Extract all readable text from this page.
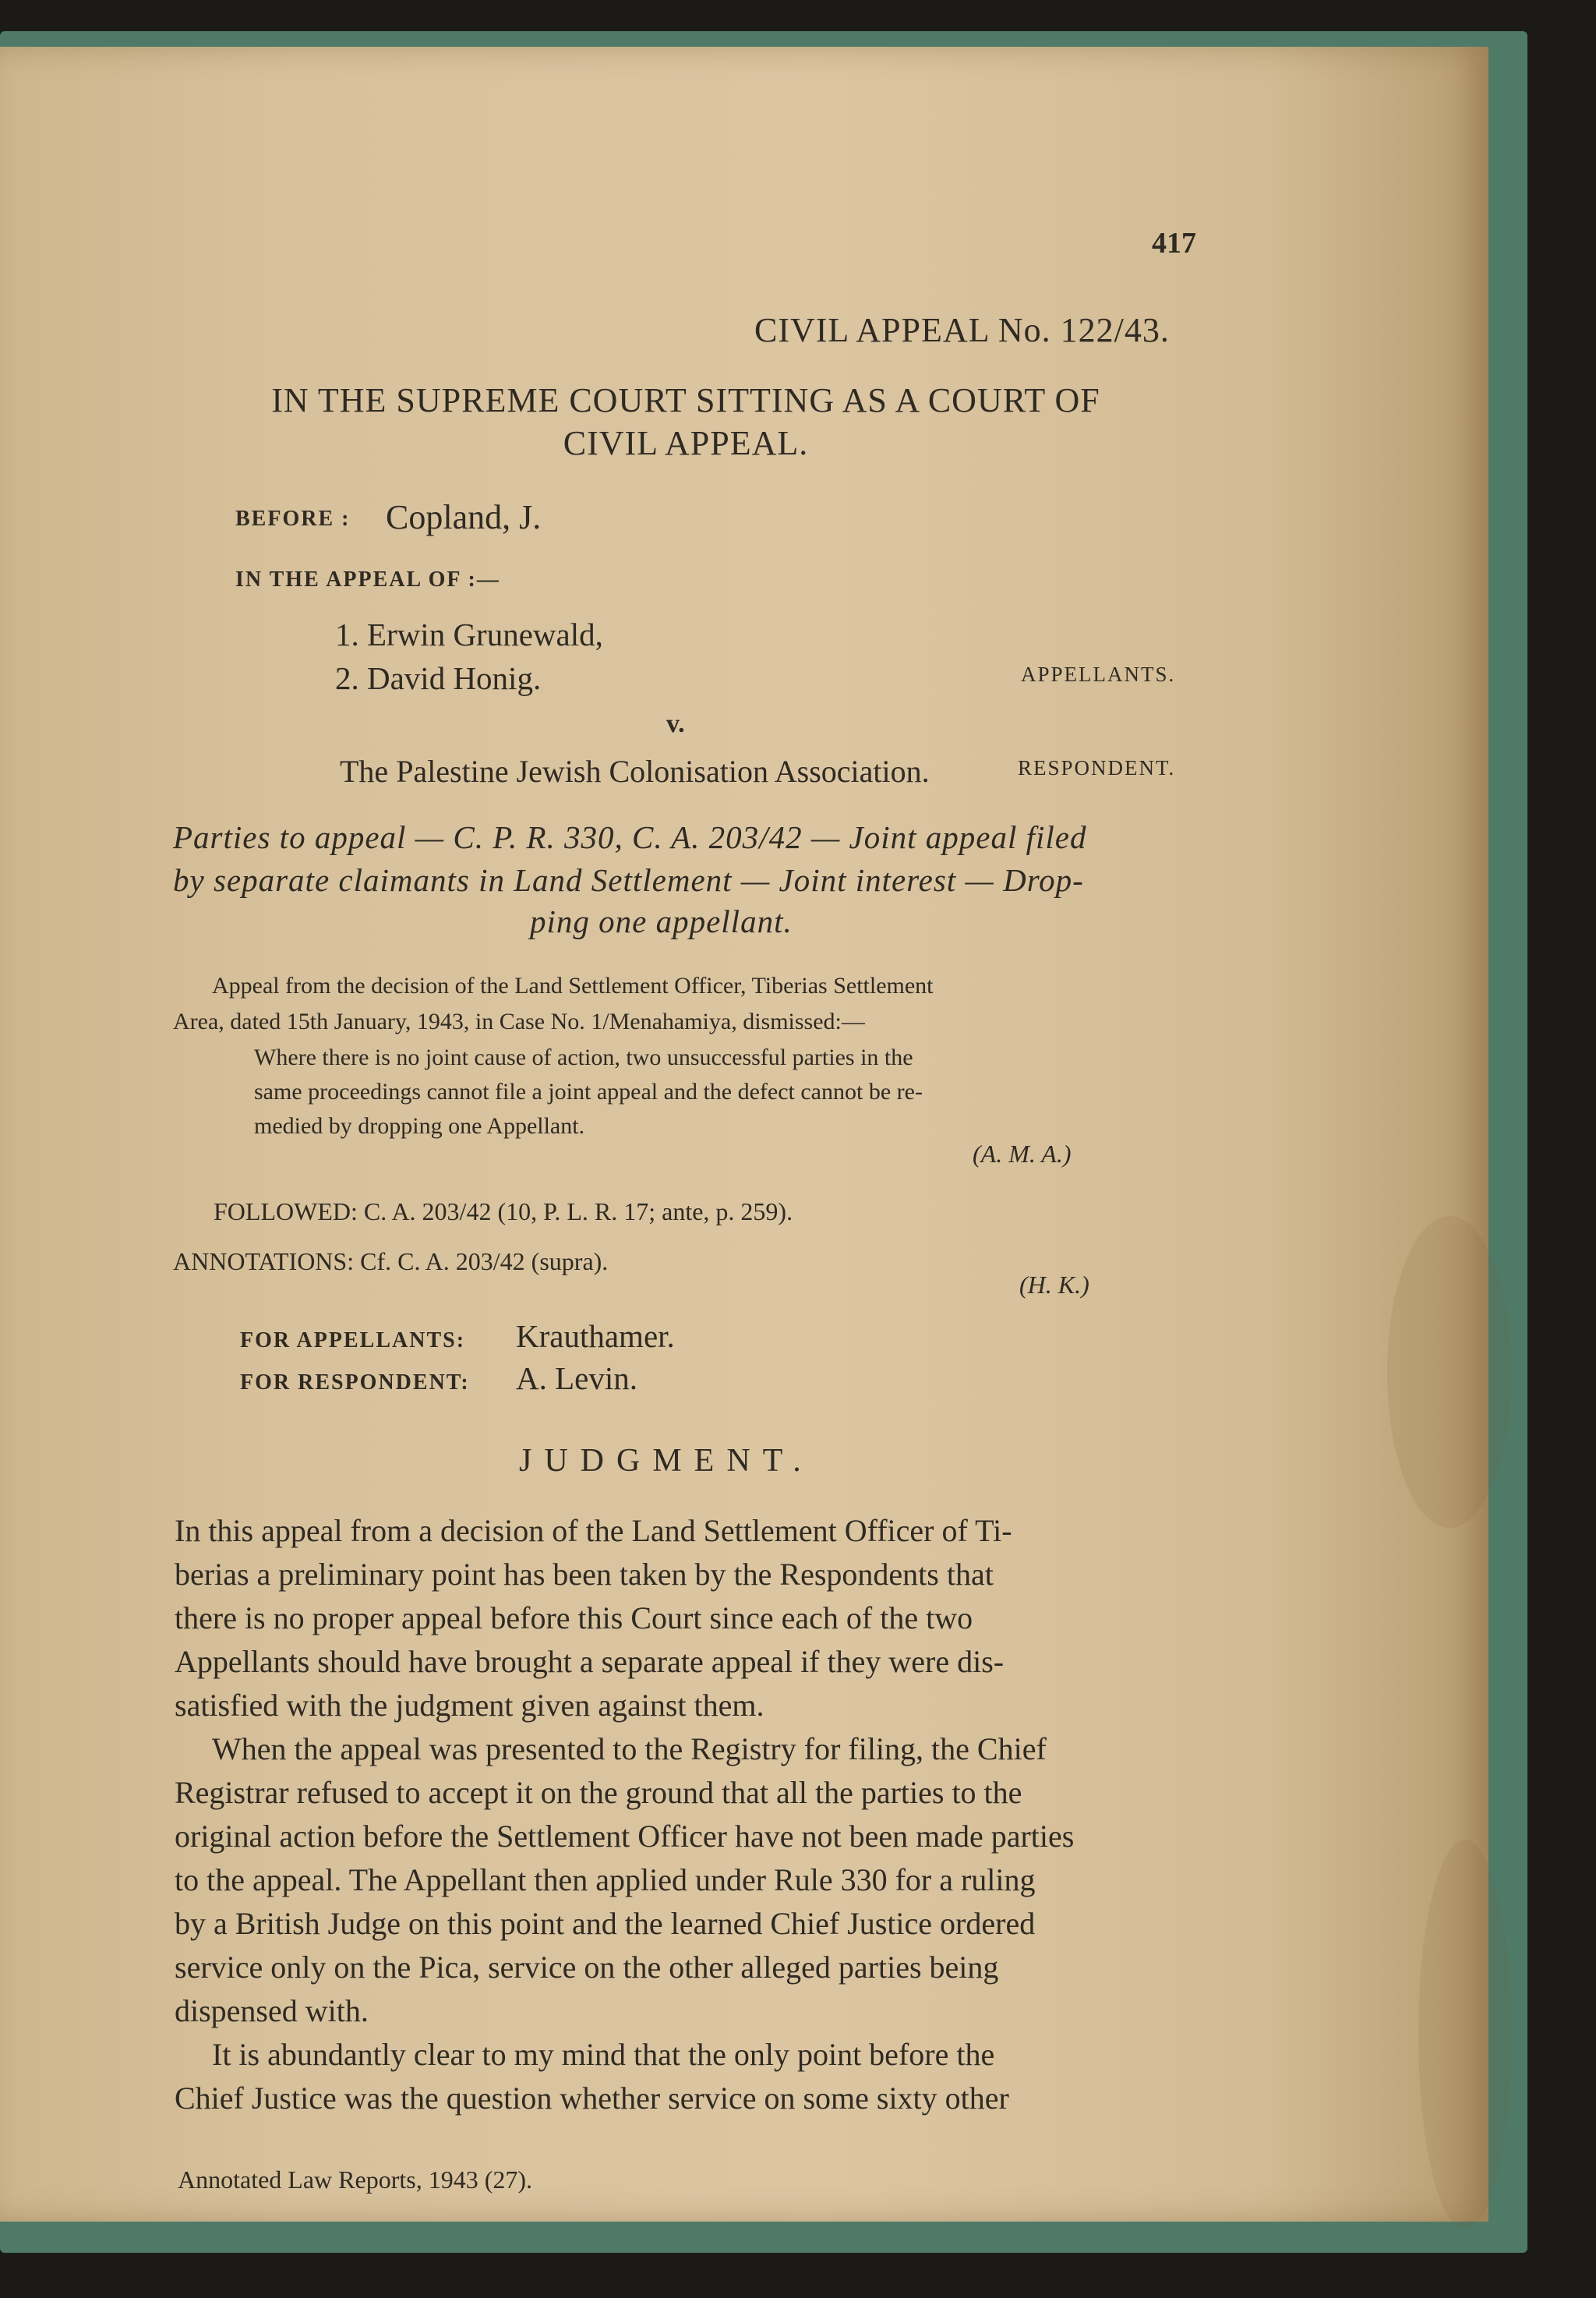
417
CIVIL APPEAL No. 122/43.
IN THE SUPREME COURT SITTING AS A COURT OF
CIVIL APPEAL.
BEFORE : Copland, J.
IN THE APPEAL OF :—
1. Erwin Grunewald,
2. David Honig.	APPELLANTS.
v.
The Palestine Jewish Colonisation Association.	RESPONDENT.
Parties to appeal — C. P. R. 330, C. A. 203/42 — Joint appeal filed
by separate claimants in Land Settlement — Joint interest — Drop-
ping one appellant.
Appeal from the decision of the Land Settlement Officer, Tiberias Settlement
Area, dated 15th January, 1943, in Case No. 1/Menahamiya, dismissed:—
Where there is no joint cause of action, two unsuccessful parties in the
same proceedings cannot file a joint appeal and the defect cannot be re-
medied by dropping one Appellant.
(A. M. A.)
FOLLOWED: C. A. 203/42 (10, P. L. R. 17; ante, p. 259).
ANNOTATIONS: Cf. C. A. 203/42 (supra).
(H. K.)
FOR APPELLANTS: Krauthamer.
FOR RESPONDENT: A. Levin.
JUDGMENT.
In this appeal from a decision of the Land Settlement Officer of Ti-
berias a preliminary point has been taken by the Respondents that
there is no proper appeal before this Court since each of the two
Appellants should have brought a separate appeal if they were dis-
satisfied with the judgment given against them.
When the appeal was presented to the Registry for filing, the Chief
Registrar refused to accept it on the ground that all the parties to the
original action before the Settlement Officer have not been made parties
to the appeal. The Appellant then applied under Rule 330 for a ruling
by a British Judge on this point and the learned Chief Justice ordered
service only on the Pica, service on the other alleged parties being
dispensed with.
It is abundantly clear to my mind that the only point before the
Chief Justice was the question whether service on some sixty other
Annotated Law Reports, 1943 (27).
